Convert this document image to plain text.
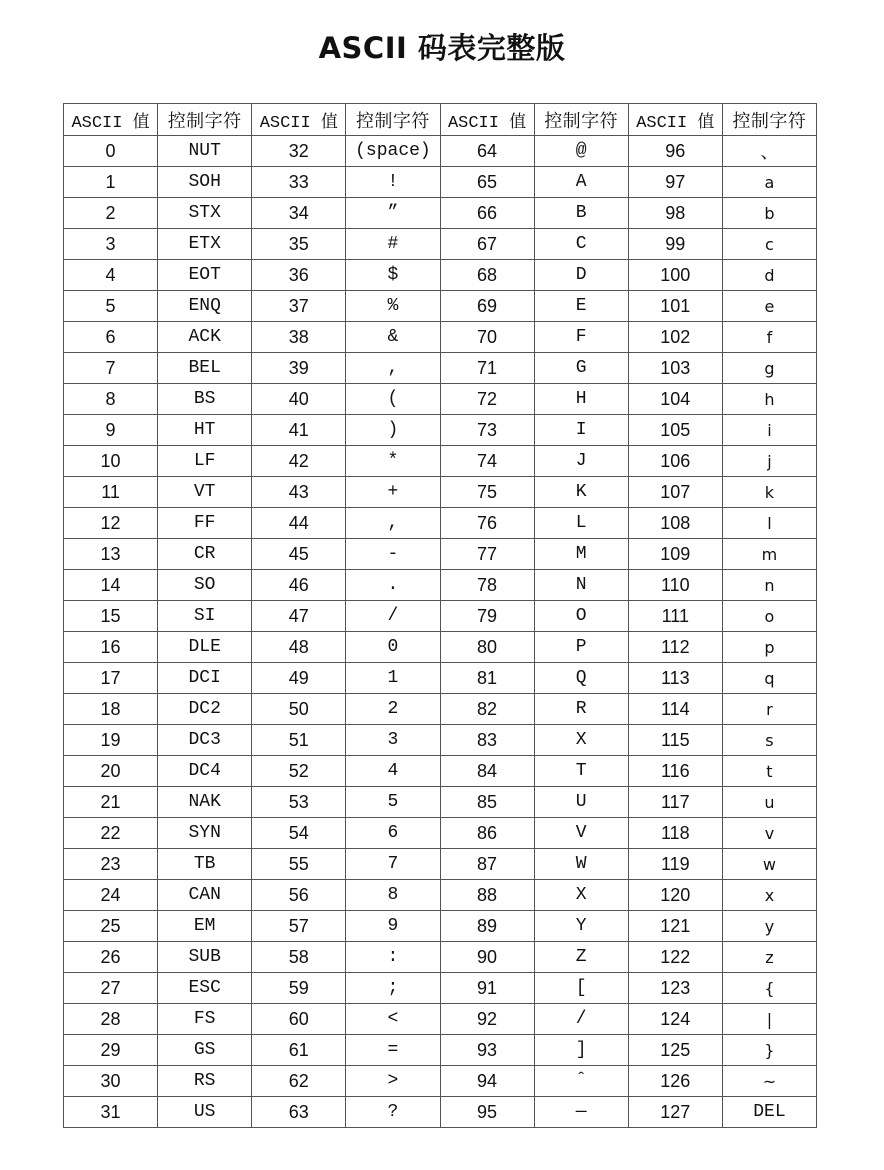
ASCII 码表完整版
ASCII 值	控制字符	ASCII 值	控制字符	ASCII 值	控制字符	ASCII 值	控制字符
0	NUT	32	(space)	64	@	96	、
1	SOH	33	!	65	A	97	a
2	STX	34	”	66	B	98	b
3	ETX	35	#	67	C	99	c
4	EOT	36	$	68	D	100	d
5	ENQ	37	%	69	E	101	e
6	ACK	38	&	70	F	102	f
7	BEL	39	,	71	G	103	g
8	BS	40	(	72	H	104	h
9	HT	41	)	73	I	105	i
10	LF	42	*	74	J	106	j
11	VT	43	+	75	K	107	k
12	FF	44	,	76	L	108	l
13	CR	45	-	77	M	109	m
14	SO	46	.	78	N	110	n
15	SI	47	/	79	O	111	o
16	DLE	48	0	80	P	112	p
17	DCI	49	1	81	Q	113	q
18	DC2	50	2	82	R	114	r
19	DC3	51	3	83	X	115	s
20	DC4	52	4	84	T	116	t
21	NAK	53	5	85	U	117	u
22	SYN	54	6	86	V	118	v
23	TB	55	7	87	W	119	w
24	CAN	56	8	88	X	120	x
25	EM	57	9	89	Y	121	y
26	SUB	58	:	90	Z	122	z
27	ESC	59	;	91	[	123	{
28	FS	60	<	92	/	124	|
29	GS	61	=	93	]	125	}
30	RS	62	>	94	ˆ	126	~
31	US	63	?	95	—	127	DEL
